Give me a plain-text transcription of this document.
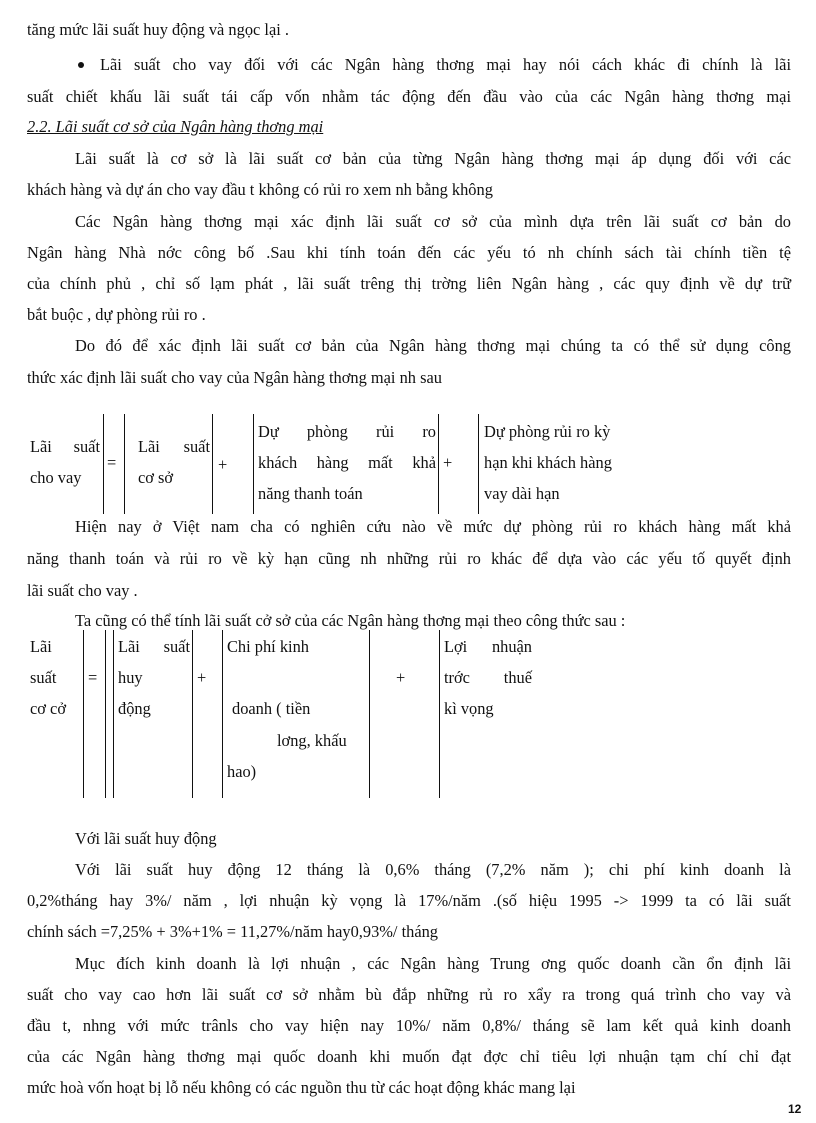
tăng mức lãi suất huy động và ngọc lại .
Lãi suất cho vay đối với các Ngân hàng thơng mại hay nói cách khác đi chính là lãi
suất chiết khấu lãi suất tái cấp vốn nhằm tác động đến đầu vào của các Ngân hàng thơng mại
2.2. Lãi suất cơ sở của Ngân hàng thơng mại
Lãi suất là cơ sở là lãi suất cơ bản của từng Ngân hàng thơng mại áp dụng đối với các
khách hàng và dự án cho vay đầu t không có rủi ro xem nh bằng không
Các Ngân hàng thơng mại xác định lãi suất cơ sở của mình dựa trên lãi suất cơ bản do
Ngân hàng Nhà nớc công bố .Sau khi tính toán đến các yếu tó nh chính sách tài chính tiền tệ
của chính phủ , chỉ số lạm phát , lãi suất trêng thị trờng liên Ngân hàng , các quy định về dự trữ
bắt buộc , dự phòng rủi ro .
Do đó để xác định lãi suất cơ bản của Ngân hàng thơng mại chúng ta có thể sử dụng công
thức xác định lãi suất cho vay của Ngân hàng thơng mại nh sau
Lãi suất
cho vay
=
Lãi suất
cơ sở
+
Dự phòng rủi ro
khách hàng mất khả
năng thanh toán
+
Dự phòng rủi ro kỳ
hạn khi khách hàng
vay dài hạn
Hiện nay ở Việt nam cha có nghiên cứu nào về mức dự phòng rủi ro khách hàng mất khả
năng thanh toán và rủi ro về kỳ hạn cũng nh những rủi ro khác để dựa vào các yếu tố quyết định
lãi suất cho vay .
Ta cũng có thể tính lãi suất cở sở của các Ngân hàng thơng mại theo công thức sau :
Lãi
suất
cơ cở
=
Lãi suất
huy
động
+
Chi phí kinh
doanh ( tiền
lơng, khấu
hao)
+
Lợi nhuận
trớc thuế
kì vọng
Với lãi suất huy động
Với lãi suất huy động 12 tháng là 0,6% tháng (7,2% năm ); chi phí kinh doanh là
0,2%tháng hay 3%/ năm , lợi nhuận kỳ vọng là 17%/năm .(số hiệu 1995 -> 1999 ta có lãi suất
chính sách =7,25% + 3%+1% = 11,27%/năm hay0,93%/ tháng
Mục đích kinh doanh là lợi nhuận , các Ngân hàng Trung ơng quốc doanh cần ổn định lãi
suất cho vay cao hơn lãi suất cơ sở nhằm bù đắp những rủ ro xẩy ra trong quá trình cho vay và
đầu t, nhng với mức trânls cho vay hiện nay 10%/ năm 0,8%/ tháng sẽ lam kết quả kinh doanh
của các Ngân hàng thơng mại quốc doanh khi muốn đạt đợc chỉ tiêu lợi nhuận tạm chí chỉ đạt
mức hoà vốn hoạt bị lỗ nếu không có các nguồn thu từ các hoạt động khác mang lại
12
